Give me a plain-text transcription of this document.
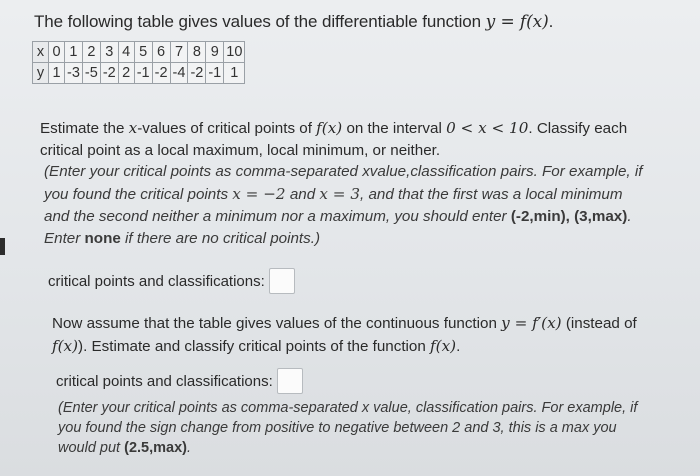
The following table gives values of the differentiable function y = f(x).
x	0	1	2	3	4	5	6	7	8	9	10
y	1	-3	-5	-2	2	-1	-2	-4	-2	-1	1
Estimate the x-values of critical points of f(x) on the interval 0 < x < 10. Classify each critical point as a local maximum, local minimum, or neither.
(Enter your critical points as comma-separated xvalue,classification pairs. For example, if you found the critical points x = −2 and x = 3, and that the first was a local minimum and the second neither a minimum nor a maximum, you should enter (-2,min), (3,max). Enter none if there are no critical points.)
critical points and classifications:
Now assume that the table gives values of the continuous function y = f′(x) (instead of f(x)). Estimate and classify critical points of the function f(x).
critical points and classifications:
(Enter your critical points as comma-separated x value, classification pairs. For example, if you found the sign change from positive to negative between 2 and 3, this is a max you would put (2.5,max).
